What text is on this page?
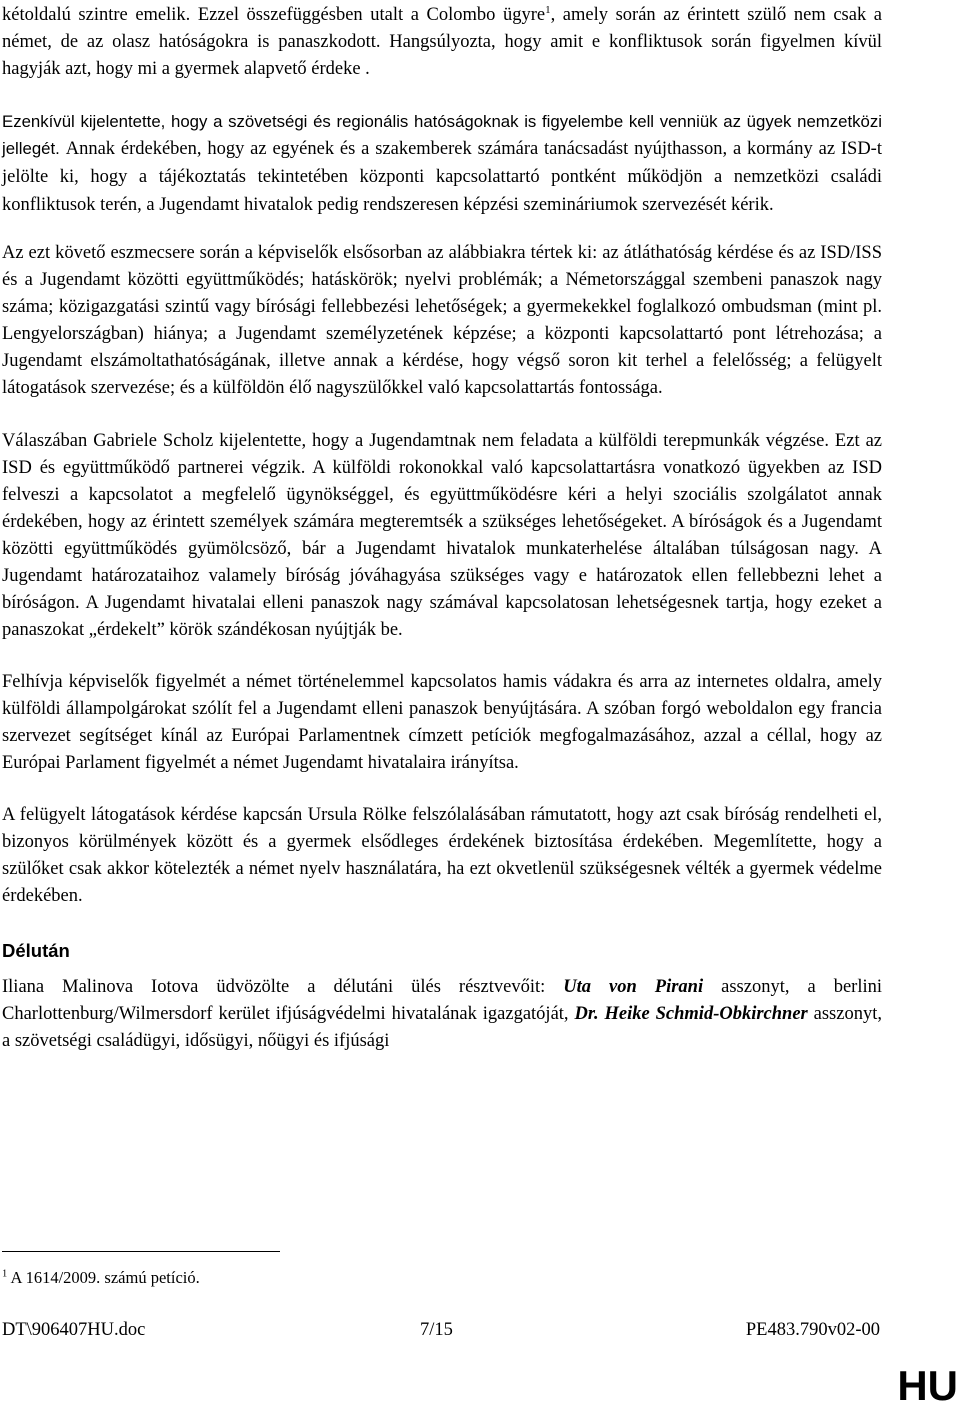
kétoldalú szintre emelik. Ezzel összefüggésben utalt a Colombo ügyre$^1$, amely során az érintett szülő nem csak a német, de az olasz hatóságokra is panaszkodott. Hangsúlyozta, hogy amit e konfliktusok során figyelmen kívül hagyják azt, hogy mi a gyermek alapvető érdeke .

Ezenkívül kijelentette, hogy a szövetségi és regionális hatóságoknak is figyelembe kell venniük az ügyek nemzetközi jellegét. Annak érdekében, hogy az egyének és a szakemberek számára tanácsadást nyújthasson, a kormány az ISD-t jelölte ki, hogy a tájékoztatás tekintetében központi kapcsolattartó pontként működjön a nemzetközi családi konfliktusok terén, a Jugendamt hivatalok pedig rendszeresen képzési szemináriumok szervezését kérik.

Az ezt követő eszmecsere során a képviselők elsősorban az alábbiakra tértek ki: az átláthatóság kérdése és az ISD/ISS és a Jugendamt közötti együttműködés; hatáskörök; nyelvi problémák; a Németországgal szembeni panaszok nagy száma; közigazgatási szintű vagy bírósági fellebbezési lehetőségek; a gyermekekkel foglalkozó ombudsman (mint pl. Lengyelországban) hiánya; a Jugendamt személyzetének képzése; a központi kapcsolattartó pont létrehozása; a Jugendamt elszámoltathatóságának, illetve annak a kérdése, hogy végső soron kit terhel a felelősség; a felügyelt látogatások szervezése; és a külföldön élő nagyszülőkkel való kapcsolattartás fontossága.

Válaszában Gabriele Scholz kijelentette, hogy a Jugendamtnak nem feladata a külföldi terepmunkák végzése. Ezt az ISD és együttműködő partnerei végzik. A külföldi rokonokkal való kapcsolattartásra vonatkozó ügyekben az ISD felveszi a kapcsolatot a megfelelő ügynökséggel, és együttműködésre kéri a helyi szociális szolgálatot annak érdekében, hogy az érintett személyek számára megteremtsék a szükséges lehetőségeket. A bíróságok és a Jugendamt közötti együttműködés gyümölcsöző, bár a Jugendamt hivatalok munkaterhelése általában túlságosan nagy. A Jugendamt határozataihoz valamely bíróság jóváhagyása szükséges vagy e határozatok ellen fellebbezni lehet a bíróságon. A Jugendamt hivatalai elleni panaszok nagy számával kapcsolatosan lehetségesnek tartja, hogy ezeket a panaszokat „érdekelt” körök szándékosan nyújtják be.

Felhívja képviselők figyelmét a német történelemmel kapcsolatos hamis vádakra és arra az internetes oldalra, amely külföldi állampolgárokat szólít fel a Jugendamt elleni panaszok benyújtására. A szóban forgó weboldalon egy francia szervezet segítséget kínál az Európai Parlamentnek címzett petíciók megfogalmazásához, azzal a céllal, hogy az Európai Parlament figyelmét a német Jugendamt hivatalaira irányítsa.

A felügyelt látogatások kérdése kapcsán Ursula Rölke felszólalásában rámutatott, hogy azt csak bíróság rendelheti el, bizonyos körülmények között és a gyermek elsődleges érdekének biztosítása érdekében. Megemlítette, hogy a szülőket csak akkor kötelezték a német nyelv használatára, ha ezt okvetlenül szükségesnek vélték a gyermek védelme érdekében.

Délután

Iliana Malinova Iotova üdvözölte a délutáni ülés résztvevőit: Uta von Pirani asszonyt, a berlini Charlottenburg/Wilmersdorf kerület ifjúságvédelmi hivatalának igazgatóját, Dr. Heike Schmid-Obkirchner asszonyt, a szövetségi családügyi, idősügyi, nőügyi és ifjúsági

$^1$ A 1614/2009. számú petíció.
DT\906407HU.doc	7/15	PE483.790v02-00
HU
